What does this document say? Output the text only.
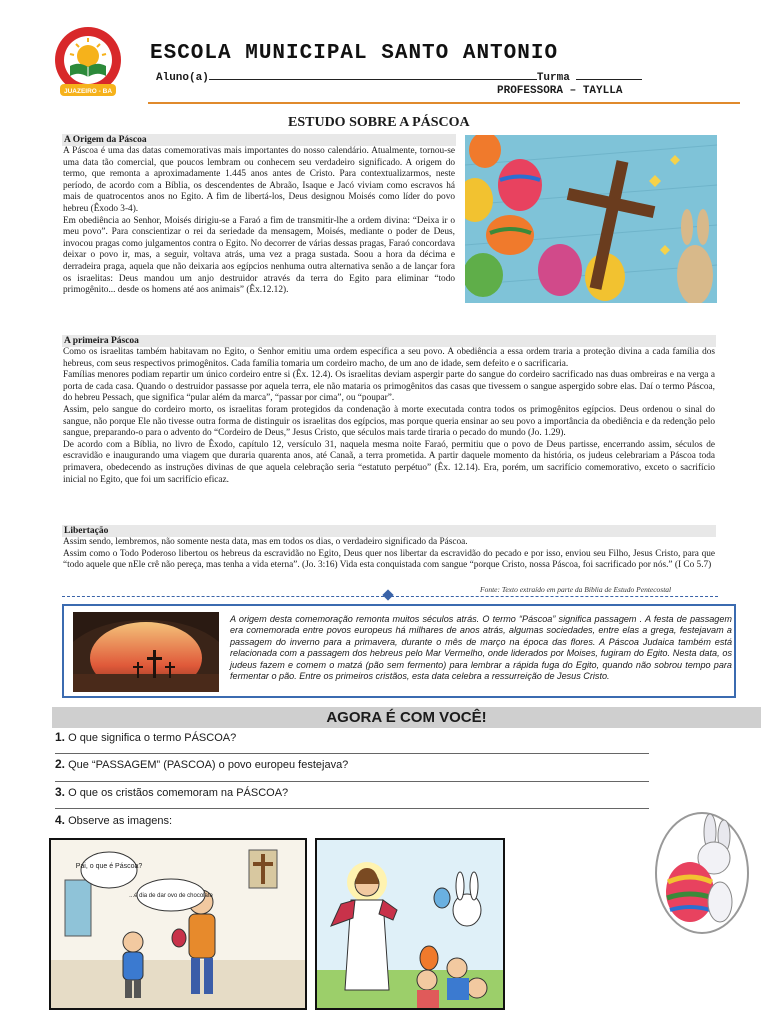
JUAZEIRO - BA
ESCOLA MUNICIPAL SANTO ANTONIO
Aluno(a)	Turma
PROFESSORA – TAYLLA
ESTUDO SOBRE A PÁSCOA
A Origem da Páscoa
A Páscoa é uma das datas comemorativas mais importantes do nosso calendário. Atualmente, tornou-se uma data tão comercial, que poucos lembram ou conhecem seu verdadeiro significado. A origem do termo, que remonta a aproximadamente 1.445 anos antes de Cristo. Para contextualizarmos, neste período, de acordo com a Bíblia, os descendentes de Abraão, Isaque e Jacó viviam como escravos há mais de quatrocentos anos no Egito. A fim de libertá-los, Deus designou Moisés como líder do povo hebreu (Êxodo 3-4).
Em obediência ao Senhor, Moisés dirigiu-se a Faraó a fim de transmitir-lhe a ordem divina: “Deixa ir o meu povo”. Para conscientizar o rei da seriedade da mensagem, Moisés, mediante o poder de Deus, invocou pragas como julgamentos contra o Egito. No decorrer de várias dessas pragas, Faraó concordava deixar o povo ir, mas, a seguir, voltava atrás, uma vez a praga sustada. Soou a hora da décima e derradeira praga, aquela que não deixaria aos egípcios nenhuma outra alternativa senão a de lançar fora os israelitas: Deus mandou um anjo destruidor através da terra do Egito para eliminar “todo primogênito... desde os homens até aos animais” (Êx.12.12).
A primeira Páscoa
Como os israelitas também habitavam no Egito, o Senhor emitiu uma ordem específica a seu povo. A obediência a essa ordem traria a proteção divina a cada família dos hebreus, com seus respectivos primogênitos. Cada família tomaria um cordeiro macho, de um ano de idade, sem defeito e o sacrificaria.
Famílias menores podiam repartir um único cordeiro entre si (Êx. 12.4). Os israelitas deviam aspergir parte do sangue do cordeiro sacrificado nas duas ombreiras e na verga a porta de cada casa. Quando o destruidor passasse por aquela terra, ele não mataria os primogênitos das casas que tivessem o sangue aspergido sobre elas. Daí o termo Páscoa, do hebreu Pessach, que significa “pular além da marca”, “passar por cima”, ou “poupar”.
Assim, pelo sangue do cordeiro morto, os israelitas foram protegidos da condenação à morte executada contra todos os primogênitos egípcios. Deus ordenou o sinal do sangue, não porque Ele não tivesse outra forma de distinguir os israelitas dos egípcios, mas porque queria ensinar ao seu povo a importância da obediência e da redenção pelo sangue, preparando-o para o advento do “Cordeiro de Deus,” Jesus Cristo, que séculos mais tarde tiraria o pecado do mundo (Jo. 1.29).
De acordo com a Bíblia, no livro de Êxodo, capítulo 12, versículo 31, naquela mesma noite Faraó, permitiu que o povo de Deus partisse, encerrando assim, séculos de escravidão e inaugurando uma viagem que duraria quarenta anos, até Canaã, a terra prometida. A partir daquele momento da história, os judeus celebrariam a Páscoa toda primavera, obedecendo as instruções divinas de que aquela celebração seria “estatuto perpétuo” (Êx. 12.14). Era, porém, um sacrifício comemorativo, exceto o sacrifício inicial no Egito, que foi um sacrifício eficaz.
Libertação
Assim sendo, lembremos, não somente nesta data, mas em todos os dias, o verdadeiro significado da Páscoa.
Assim como o Todo Poderoso libertou os hebreus da escravidão no Egito, Deus quer nos libertar da escravidão do pecado e por isso, enviou seu Filho, Jesus Cristo, para que “todo aquele que nEle crê não pereça, mas tenha a vida eterna”. (Jo. 3:16) Vida esta conquistada com sangue “porque Cristo, nossa Páscoa, foi sacrificado por nós.” (I Co 5.7)
Fonte: Texto extraído em parte da Bíblia de Estudo Pentecostal
A origem desta comemoração remonta muitos séculos atrás. O termo “Páscoa” significa passagem . A festa de passagem era comemorada entre povos europeus há milhares de anos atrás, algumas sociedades, entre elas a grega, festejavam a passagem do inverno para a primavera, durante o mês de março na época das flores. A Páscoa Judaica também está relacionada com a passagem dos hebreus pelo Mar Vermelho, onde liderados por Moises, fugiram do Egito. Nesta data, os judeus fazem e comem o matzá (pão sem fermento) para lembrar a rápida fuga do Egito, quando não sobrou tempo para fermentar o pão. Entre os primeiros cristãos, esta data celebra a ressurreição de Jesus Cristo.
AGORA É COM VOCÊ!
1. O que significa o termo PÁSCOA?
2. Que “PASSAGEM” (PASCOA) o povo europeu festejava?
3. O que os cristãos comemoram na PÁSCOA?
4. Observe as imagens:
Pai, o que é Páscoa?
...é dia de dar ovo de chocolate
